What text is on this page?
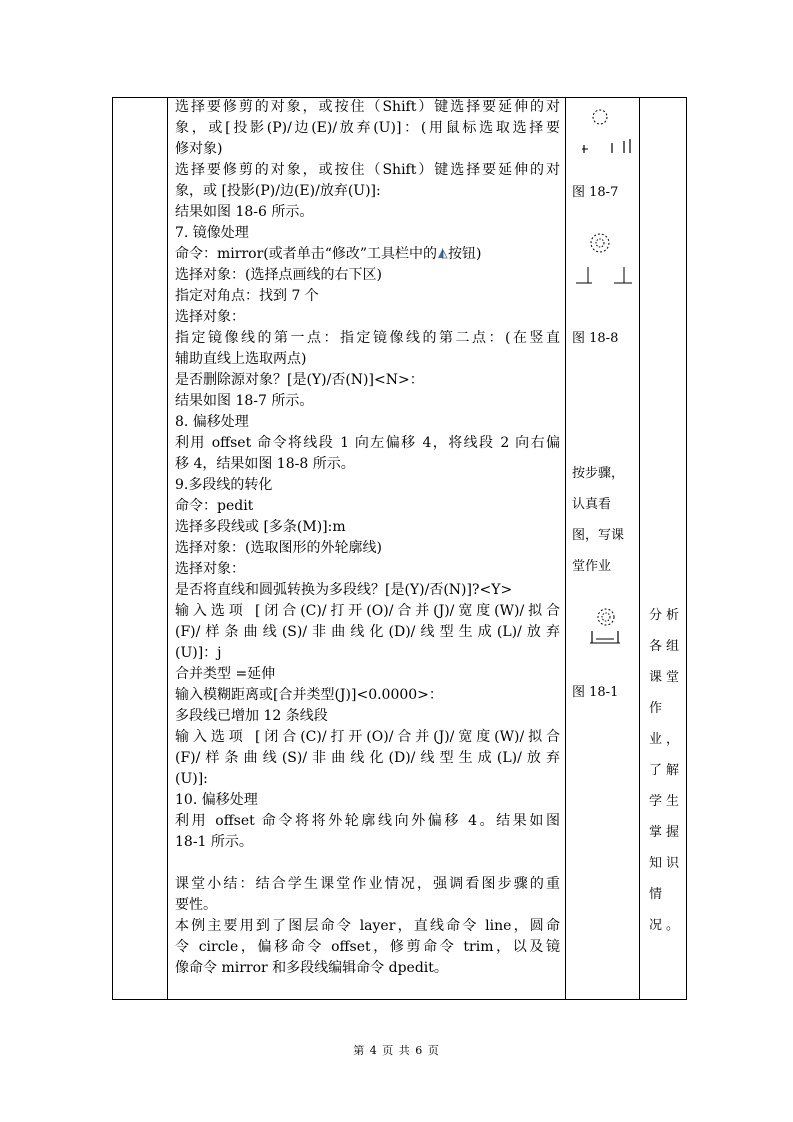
选择要修剪的对象，或按住（Shift）键选择要延伸的对
象，或[投影(P)/边(E)/放弃(U)]：(用鼠标选取选择要
修对象)
选择要修剪的对象，或按住（Shift）键选择要延伸的对
象，或 [投影(P)/边(E)/放弃(U)]:
结果如图 18-6 所示。
7. 镜像处理
命令：mirror(或者单击“修改”工具栏中的 按钮)
选择对象：(选择点画线的右下区)
指定对角点：找到 7 个
选择对象：
指定镜像线的第一点：指定镜像线的第二点：(在竖直
辅助直线上选取两点)
是否删除源对象？[是(Y)/否(N)]<N>：
结果如图 18-7 所示。
8. 偏移处理
利用 offset 命令将线段 1 向左偏移 4，将线段 2 向右偏
移 4，结果如图 18-8 所示。
9.多段线的转化
命令：pedit
选择多段线或 [多条(M)]:m
选择对象：(选取图形的外轮廓线)
选择对象：
是否将直线和圆弧转换为多段线？[是(Y)/否(N)]?<Y>
输入选项 [闭合(C)/打开(O)/合并(J)/宽度(W)/拟合
(F)/样条曲线(S)/非曲线化(D)/线型生成(L)/放弃
(U)]：j
合并类型 =延伸
输入模糊距离或[合并类型(J)]<0.0000>：
多段线已增加 12 条线段
输入选项 [闭合(C)/打开(O)/合并(J)/宽度(W)/拟合
(F)/样条曲线(S)/非曲线化(D)/线型生成(L)/放弃
(U)]:
10. 偏移处理
利用 offset 命令将将外轮廓线向外偏移 4。结果如图
18-1 所示。
课堂小结：结合学生课堂作业情况，强调看图步骤的重
要性。
本例主要用到了图层命令 layer，直线命令 line，圆命
令 circle，偏移命令 offset，修剪命令 trim，以及镜
像命令 mirror 和多段线编辑命令 dpedit。
图 18-7
图 18-8
按步骤，
认真看
图，写课
堂作业
图 18-1
分 析
各 组
课 堂
作
业 ，
了 解
学 生
掌 握
知 识
情
况 。
第 4 页 共 6 页
